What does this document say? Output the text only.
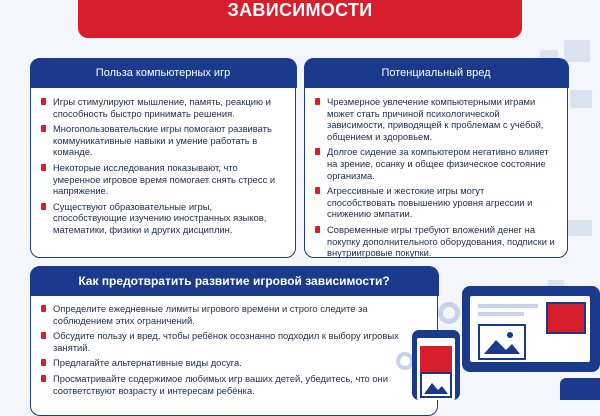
ЗАВИСИМОСТИ
Польза компьютерных игр
Игры стимулируют мышление, память, реакцию и способность быстро принимать решения.
Многопользовательские игры помогают развивать коммуникативные навыки и умение работать в команде.
Некоторые исследования показывают, что умеренное игровое время помогает снять стресс и напряжение.
Существуют образовательные игры, способствующие изучению иностранных языков, математики, физики и других дисциплин.
Потенциальный вред
Чрезмерное увлечение компьютерными играми может стать причиной психологической зависимости, приводящей к проблемам с учёбой, общением и здоровьем.
Долгое сидение за компьютером негативно влияет на зрение, осанку и общее физическое состояние организма.
Агрессивные и жестокие игры могут способствовать повышению уровня агрессии и снижению эмпатии.
Современные игры требуют вложений денег на покупку дополнительного оборудования, подписки и внутриигровые покупки.
Как предотвратить развитие игровой зависимости?
Определите ежедневные лимиты игрового времени и строго следите за соблюдением этих ограничений.
Обсудите пользу и вред, чтобы ребёнок осознанно подходил к выбору игровых занятий.
Предлагайте альтернативные виды досуга.
Просматривайте содержимое любимых игр ваших детей, убедитесь, что они соответствуют возрасту и интересам ребёнка.
